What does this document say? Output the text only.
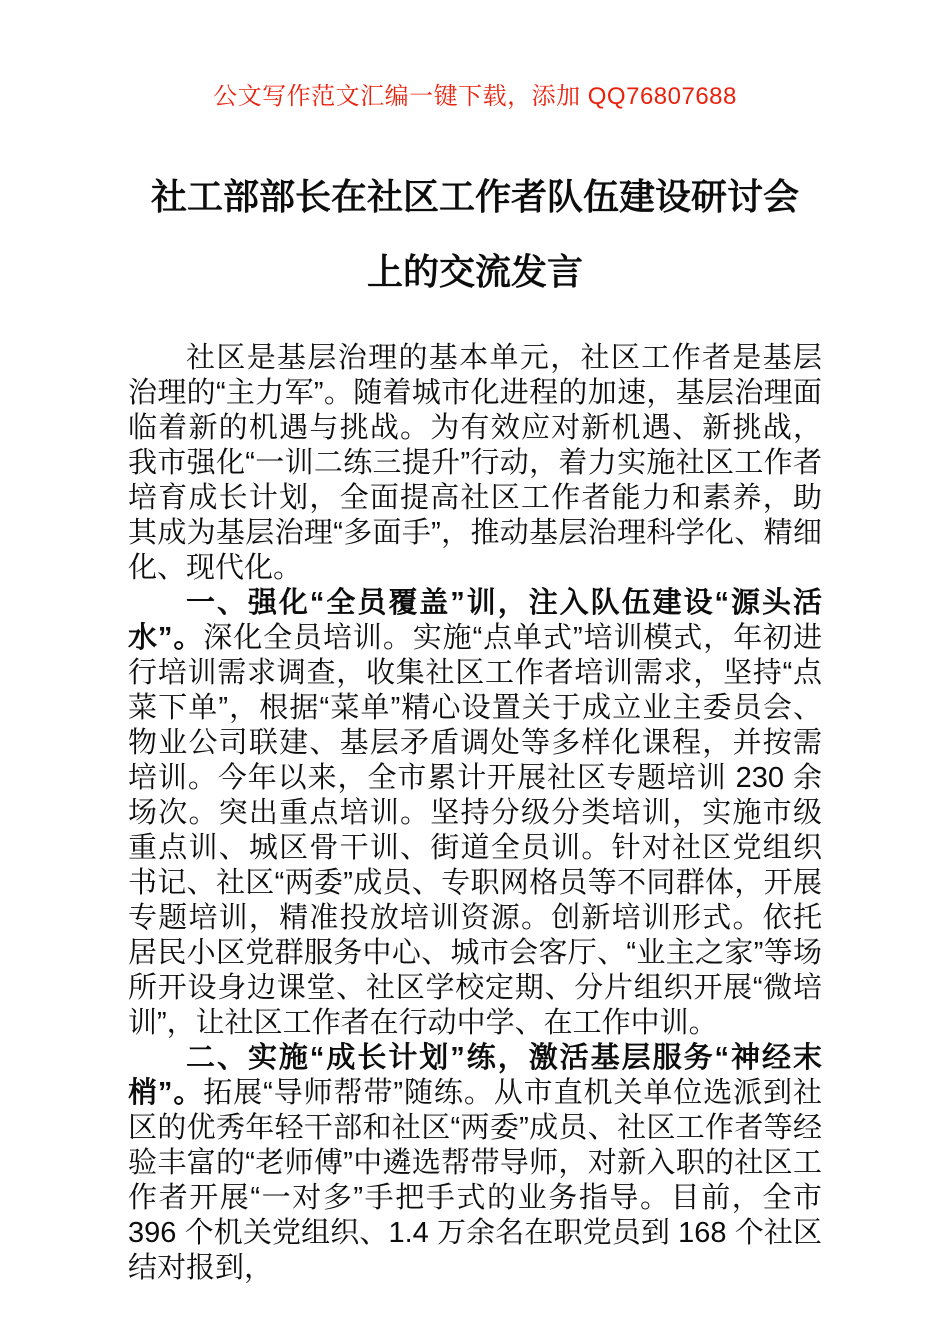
公文写作范文汇编一键下载，添加 QQ76807688
社工部部长在社区工作者队伍建设研讨会
上的交流发言

社区是基层治理的基本单元，社区工作者是基层治理的“主力军”。随着城市化进程的加速，基层治理面临着新的机遇与挑战。为有效应对新机遇、新挑战，我市强化“一训二练三提升”行动，着力实施社区工作者培育成长计划，全面提高社区工作者能力和素养，助其成为基层治理“多面手”，推动基层治理科学化、精细化、现代化。

一、强化“全员覆盖”训，注入队伍建设“源头活水”。深化全员培训。实施“点单式”培训模式，年初进行培训需求调查，收集社区工作者培训需求，坚持“点菜下单”，根据“菜单”精心设置关于成立业主委员会、物业公司联建、基层矛盾调处等多样化课程，并按需培训。今年以来，全市累计开展社区专题培训 230 余场次。突出重点培训。坚持分级分类培训，实施市级重点训、城区骨干训、街道全员训。针对社区党组织书记、社区“两委”成员、专职网格员等不同群体，开展专题培训，精准投放培训资源。创新培训形式。依托居民小区党群服务中心、城市会客厅、“业主之家”等场所开设身边课堂、社区学校定期、分片组织开展“微培训”，让社区工作者在行动中学、在工作中训。

二、实施“成长计划”练，激活基层服务“神经末梢”。拓展“导师帮带”随练。从市直机关单位选派到社区的优秀年轻干部和社区“两委”成员、社区工作者等经验丰富的“老师傅”中遴选帮带导师，对新入职的社区工作者开展“一对多”手把手式的业务指导。目前，全市 396 个机关党组织、1.4 万余名在职党员到 168 个社区结对报到，
